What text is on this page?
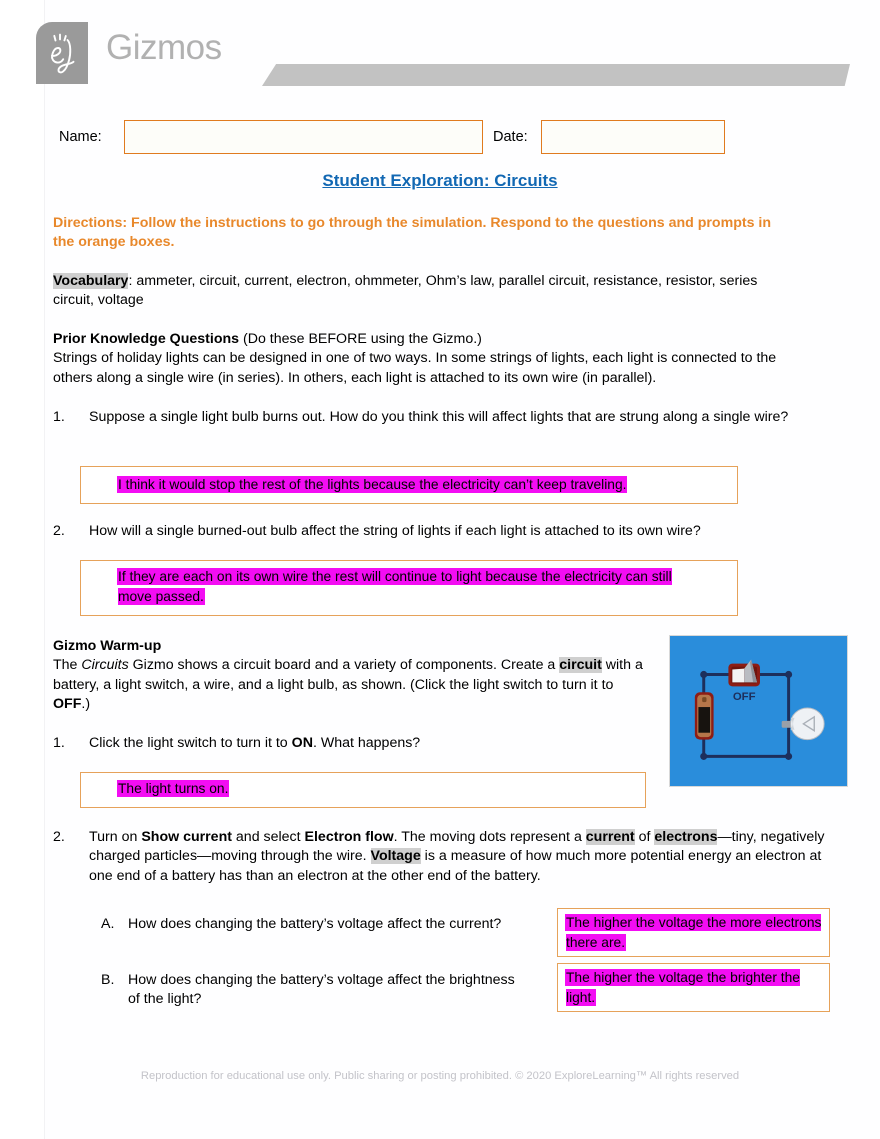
Gizmos
Name:	Date:
Student Exploration: Circuits
Directions: Follow the instructions to go through the simulation. Respond to the questions and prompts in the orange boxes.
Vocabulary: ammeter, circuit, current, electron, ohmmeter, Ohm’s law, parallel circuit, resistance, resistor, series circuit, voltage
Prior Knowledge Questions (Do these BEFORE using the Gizmo.)
Strings of holiday lights can be designed in one of two ways. In some strings of lights, each light is connected to the others along a single wire (in series). In others, each light is attached to its own wire (in parallel).
1.	Suppose a single light bulb burns out. How do you think this will affect lights that are strung along a single wire?
I think it would stop the rest of the lights because the electricity can’t keep traveling.
2.	How will a single burned-out bulb affect the string of lights if each light is attached to its own wire?
If they are each on its own wire the rest will continue to light because the electricity can still move passed.
Gizmo Warm-up
The Circuits Gizmo shows a circuit board and a variety of components. Create a circuit with a battery, a light switch, a wire, and a light bulb, as shown. (Click the light switch to turn it to OFF.)	OFF
1.	Click the light switch to turn it to ON. What happens?
The light turns on.
2.	Turn on Show current and select Electron flow. The moving dots represent a current of electrons—tiny, negatively charged particles—moving through the wire. Voltage is a measure of how much more potential energy an electron at one end of a battery has than an electron at the other end of the battery.
A. How does changing the battery’s voltage affect the current?	The higher the voltage the more electrons there are.
B. How does changing the battery’s voltage affect the brightness of the light?
The higher the voltage the brighter the light.
Reproduction for educational use only. Public sharing or posting prohibited. © 2020 ExploreLearning™ All rights reserved
